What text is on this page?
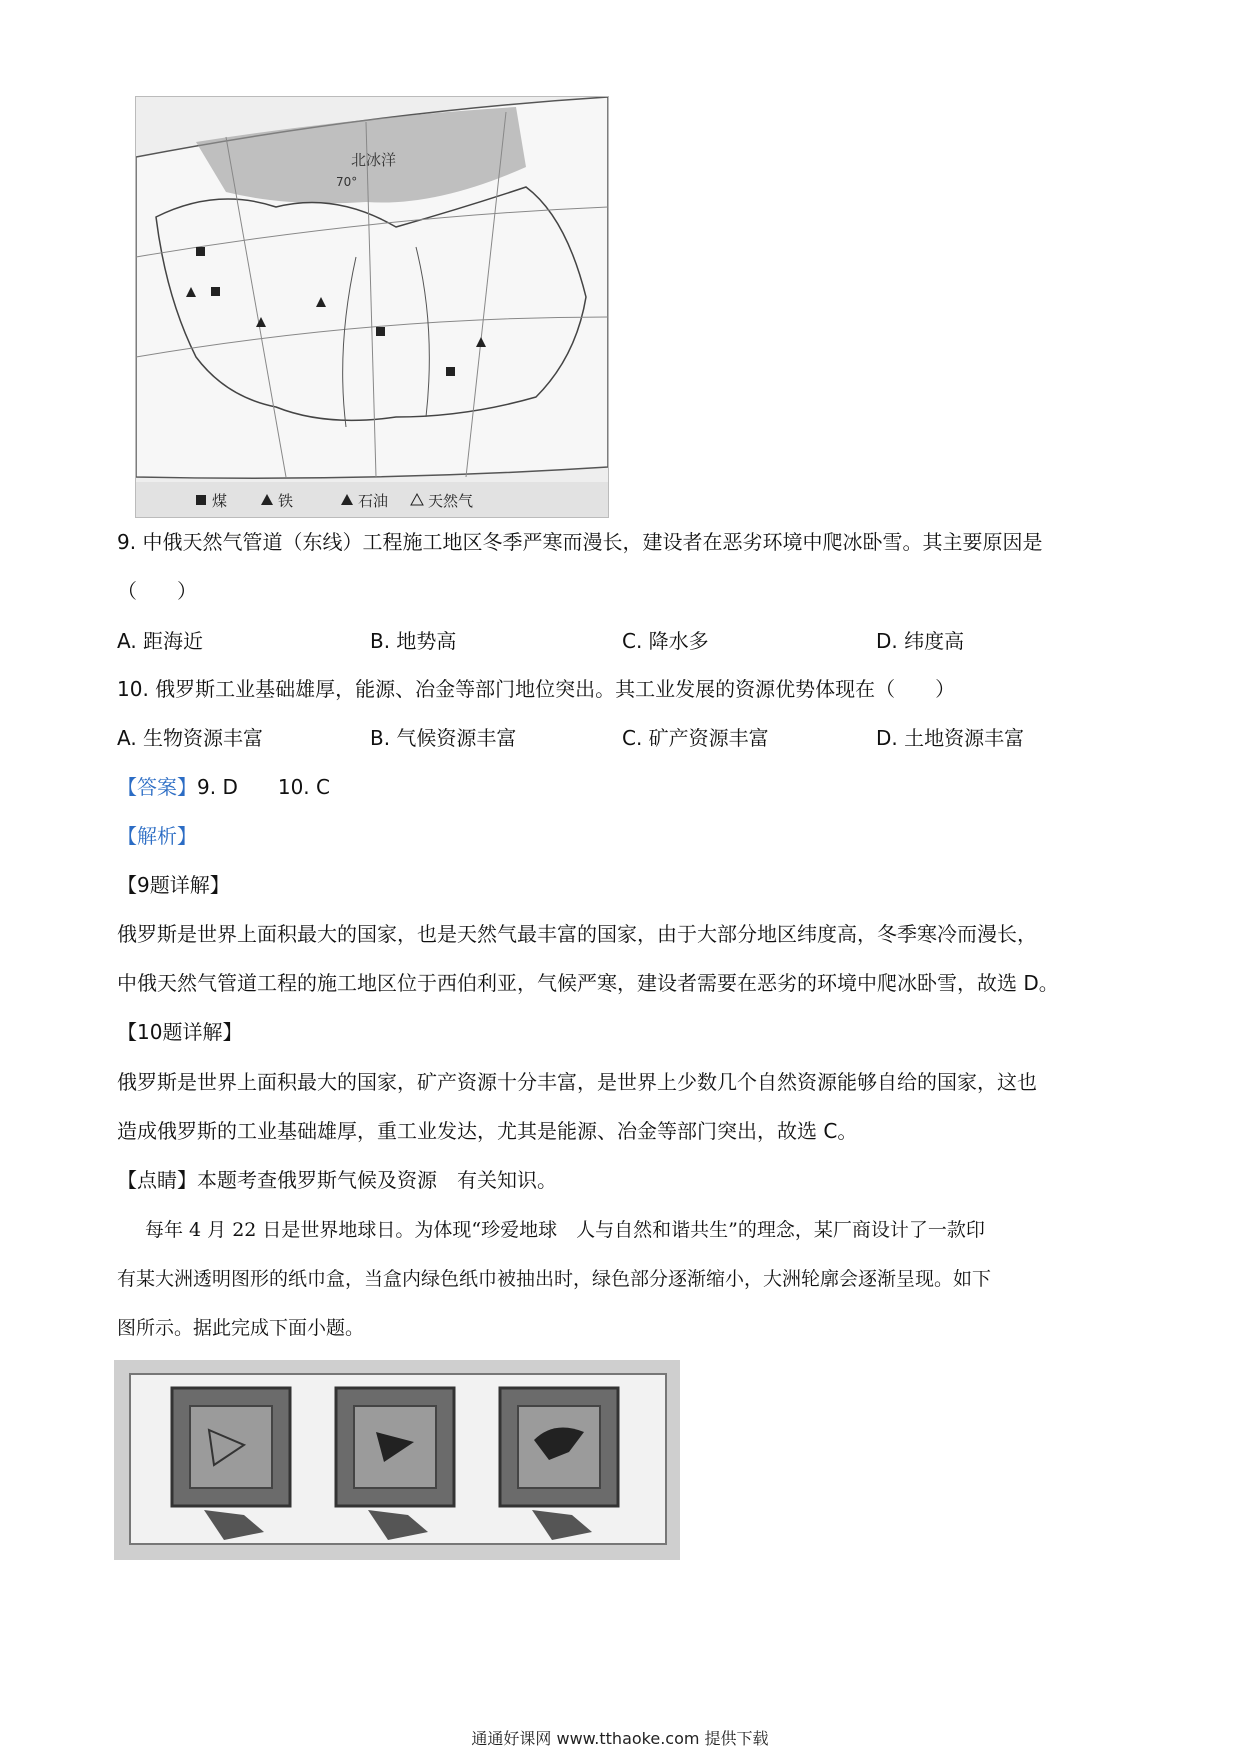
北冰洋
70°
煤	铁	石油	天然气
9. 中俄天然气管道（东线）工程施工地区冬季严寒而漫长，建设者在恶劣环境中爬冰卧雪。其主要原因是
（　　）
A. 距海近	B. 地势高	C. 降水多	D. 纬度高
10. 俄罗斯工业基础雄厚，能源、冶金等部门地位突出。其工业发展的资源优势体现在（　　）
A. 生物资源丰富	B. 气候资源丰富	C. 矿产资源丰富	D. 土地资源丰富
【答案】9. D　　10. C
【解析】
【9题详解】
俄罗斯是世界上面积最大的国家，也是天然气最丰富的国家，由于大部分地区纬度高，冬季寒冷而漫长，
中俄天然气管道工程的施工地区位于西伯利亚，气候严寒，建设者需要在恶劣的环境中爬冰卧雪，故选 D。
【10题详解】
俄罗斯是世界上面积最大的国家，矿产资源十分丰富，是世界上少数几个自然资源能够自给的国家，这也
造成俄罗斯的工业基础雄厚，重工业发达，尤其是能源、冶金等部门突出，故选 C。
【点睛】本题考查俄罗斯气候及资源　有关知识。
每年 4 月 22 日是世界地球日。为体现“珍爱地球　人与自然和谐共生”的理念，某厂商设计了一款印
有某大洲透明图形的纸巾盒，当盒内绿色纸巾被抽出时，绿色部分逐渐缩小，大洲轮廓会逐渐呈现。如下
图所示。据此完成下面小题。
通通好课网 www.tthaoke.com 提供下载
